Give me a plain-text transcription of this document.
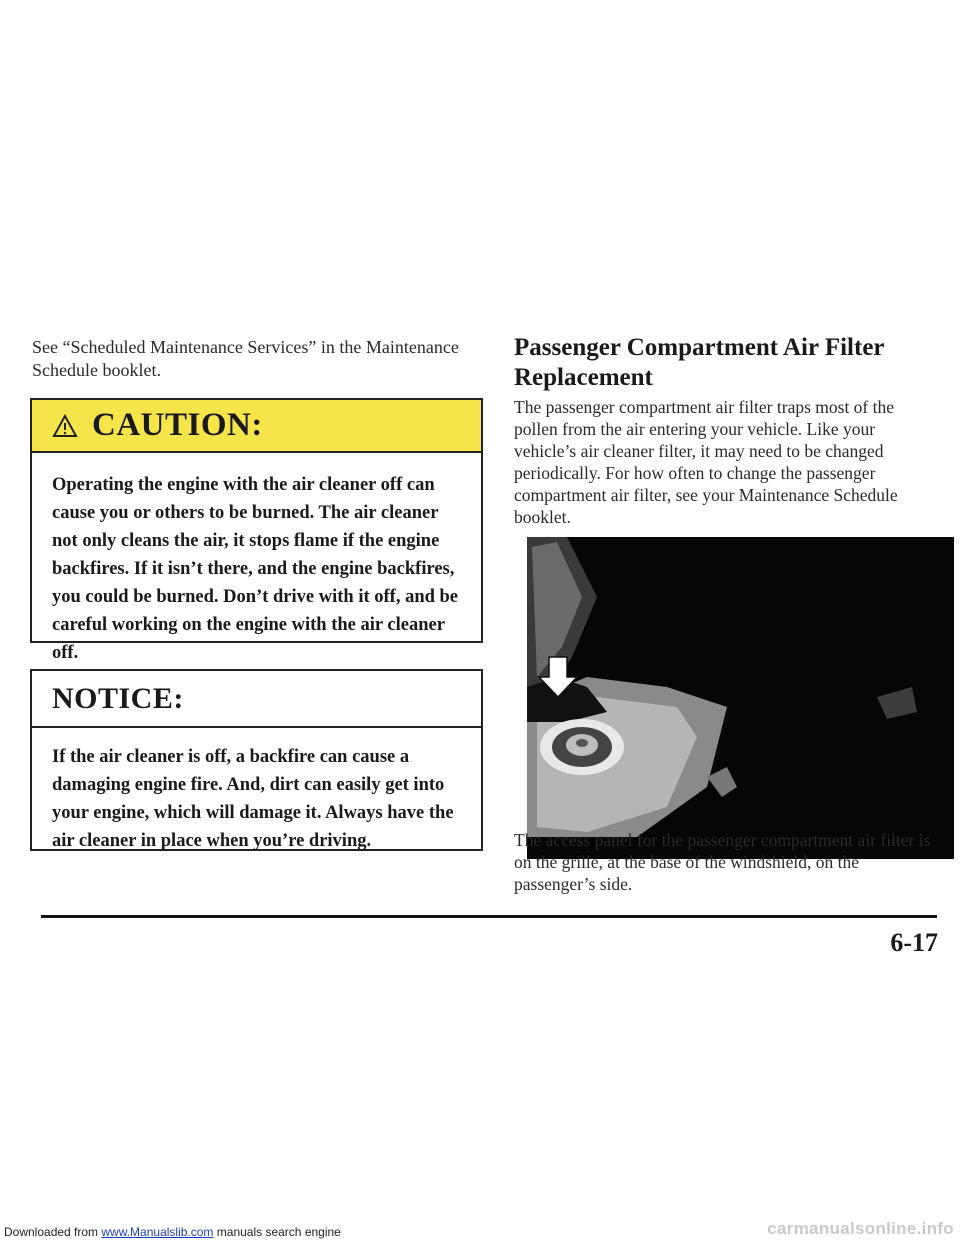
See “Scheduled Maintenance Services” in the Maintenance Schedule booklet.

CAUTION:
Operating the engine with the air cleaner off can cause you or others to be burned. The air cleaner not only cleans the air, it stops flame if the engine backfires. If it isn’t there, and the engine backfires, you could be burned. Don’t drive with it off, and be careful working on the engine with the air cleaner off.
NOTICE:
If the air cleaner is off, a backfire can cause a damaging engine fire. And, dirt can easily get into your engine, which will damage it. Always have the air cleaner in place when you’re driving.
Passenger Compartment Air Filter Replacement
The passenger compartment air filter traps most of the pollen from the air entering your vehicle. Like your vehicle’s air cleaner filter, it may need to be changed periodically. For how often to change the passenger compartment air filter, see your Maintenance Schedule booklet.
The access panel for the passenger compartment air filter is on the grille, at the base of the windshield, on the passenger’s side.
6-17
Downloaded from www.Manualslib.com manuals search engine	carmanualsonline.info
